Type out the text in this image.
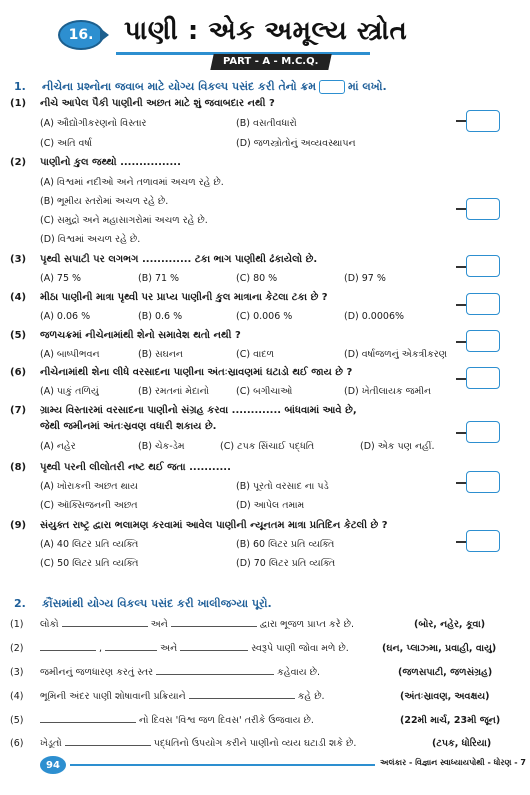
16.	પાણી : એક અમૂલ્ય સ્ત્રોત
PART - A - M.C.Q.
1. નીચેના પ્રશ્નોના જવાબ માટે યોગ્ય વિકલ્પ પસંદ કરી તેનો ક્રમ	માં લખો.
(1) નીચે આપેલ પૈકી પાણીની અછત માટે શું જવાબદાર નથી ?
(A) ઔદ્યોગીકરણનો વિસ્તાર	(B) વસતીવધારો
(C) અતિ વર્ષા	(D) જળસ્ત્રોતોનું અવ્યવસ્થાપન
(2) પાણીનો કુલ જથ્થો ................
(A) વિશ્વમાં નદીઓ અને તળાવમાં અચળ રહે છે.
(B) ભૂમીય સ્તરોમાં અચળ રહે છે.
(C) સમુદ્રો અને મહાસાગરોમાં અચળ રહે છે.
(D) વિશ્વમાં અચળ રહે છે.
(3) પૃથ્વી સપાટી પર લગભગ ............. ટકા ભાગ પાણીથી ઢંકાયેલો છે.
(A) 75 %	(B) 71 %	(C) 80 %	(D) 97 %
(4) મીઠા પાણીની માત્રા પૃથ્વી પર પ્રાપ્ય પાણીની કુલ માત્રાના કેટલા ટકા છે ?
(A) 0.06 %	(B) 0.6 %	(C) 0.006 %	(D) 0.0006%
(5) જળચક્રમાં નીચેનામાંથી શેનો સમાવેશ થતો નથી ?
(A) બાષ્પીભવન	(B) સઘનન	(C) વાદળ	(D) વર્ષાજળનું એકત્રીકરણ
(6) નીચેનામાંથી શેના લીધે વરસાદના પાણીના અંતઃસ્રાવણમાં ઘટાડો થઈ જાય છે ?
(A) પાકું તળિયું	(B) રમતનાં મેદાનો	(C) બગીચાઓ	(D) ખેતીલાયક જમીન
(7) ગ્રામ્ય વિસ્તારમાં વરસાદના પાણીનો સંગ્રહ કરવા ............. બાંધવામાં આવે છે,
જેથી જમીનમાં અંતઃસ્રવણ વધારી શકાય છે.
(A) નહેર	(B) ચેક-ડેમ	(C) ટપક સિંચાઈ પદ્ધતિ	(D) એક પણ નહીં.
(8) પૃથ્વી પરની લીલોતરી નષ્ટ થઈ જતા ...........
(A) ખોરાકની અછત થાય	(B) પૂરતો વરસાદ ના પડે
(C) ઑક્સિજનની અછત	(D) આપેલ તમામ
(9) સંયુક્ત રાષ્ટ્ર દ્વારા ભલામણ કરવામાં આવેલ પાણીની ન્યૂનતમ માત્રા પ્રતિદિન કેટલી છે ?
(A) 40 લિટર પ્રતિ વ્યક્તિ	(B) 60 લિટર પ્રતિ વ્યક્તિ
(C) 50 લિટર પ્રતિ વ્યક્તિ	(D) 70 લિટર પ્રતિ વ્યક્તિ
2. કૌંસમાંથી યોગ્ય વિકલ્પ પસંદ કરી ખાલીજગ્યા પૂરો.
(1) લોકો	અને	દ્વારા ભૂજળ પ્રાપ્ત કરે છે.	(બોર, નહેર, કૂવા)
(2)	,	અને	સ્વરૂપે પાણી જોવા મળે છે.	(ઘન, પ્લાઝ્મા, પ્રવાહી, વાયુ)
(3) જમીનનું જળધારણ કરતું સ્તર	કહેવાય છે.	(જળસપાટી, જળસંગ્રહ)
(4) ભૂમિની અંદર પાણી શોષાવાની પ્રક્રિયાને	કહે છે.	(અંતઃસ્રાવણ, અવક્ષય)
(5)	નો દિવસ 'વિશ્વ જળ દિવસ' તરીકે ઉજવાય છે.	(22મી માર્ચ, 23મી જૂન)
(6) ખેડૂતો	પદ્ધતિનો ઉપયોગ કરીને પાણીનો વ્યય ઘટાડી શકે છે.	(ટપક, ધોરિયા)
94	અલંકાર - વિજ્ઞાન સ્વાધ્યાયપોથી - ધોરણ - 7
